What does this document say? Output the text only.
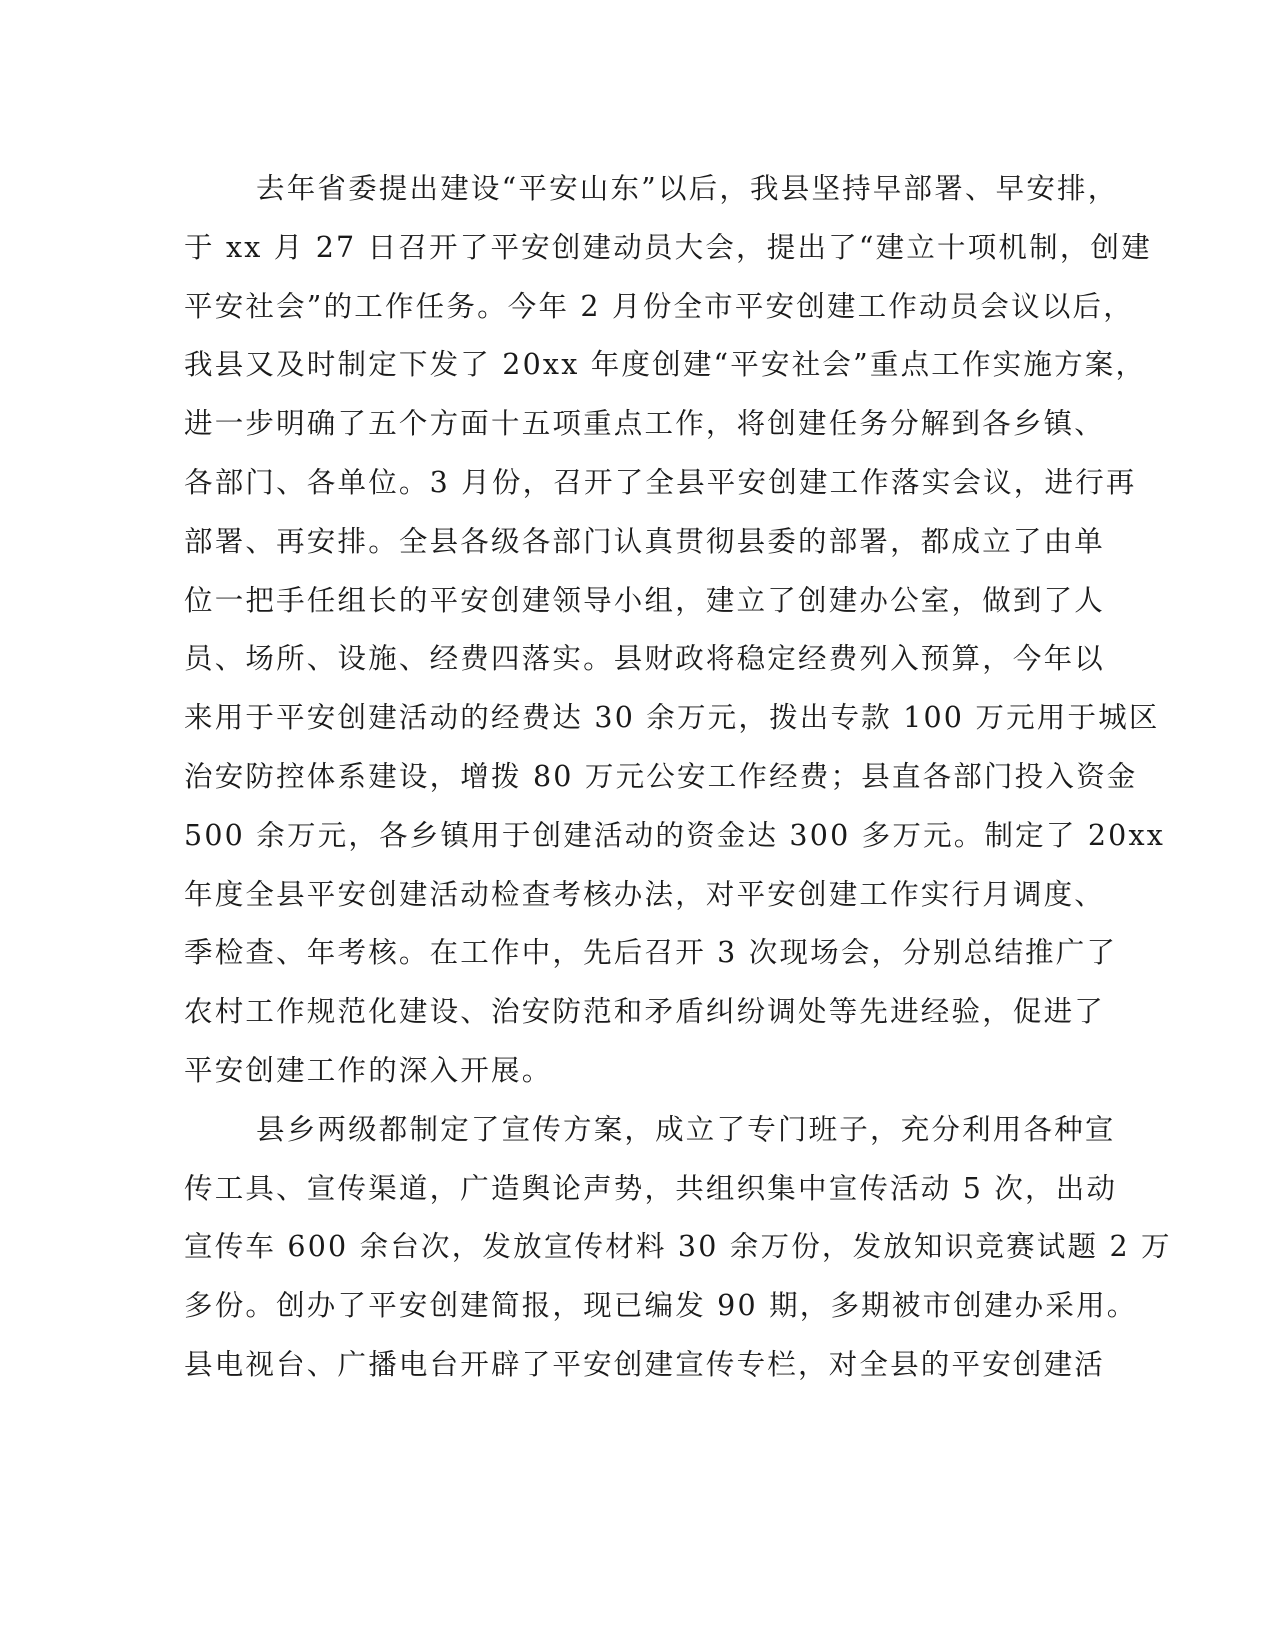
去年省委提出建设“平安山东”以后，我县坚持早部署、早安排，
于 xx 月 27 日召开了平安创建动员大会，提出了“建立十项机制，创建
平安社会”的工作任务。今年 2 月份全市平安创建工作动员会议以后，
我县又及时制定下发了 20xx 年度创建“平安社会”重点工作实施方案，
进一步明确了五个方面十五项重点工作，将创建任务分解到各乡镇、
各部门、各单位。3 月份，召开了全县平安创建工作落实会议，进行再
部署、再安排。全县各级各部门认真贯彻县委的部署，都成立了由单
位一把手任组长的平安创建领导小组，建立了创建办公室，做到了人
员、场所、设施、经费四落实。县财政将稳定经费列入预算，今年以
来用于平安创建活动的经费达 30 余万元，拨出专款 100 万元用于城区
治安防控体系建设，增拨 80 万元公安工作经费；县直各部门投入资金
500 余万元，各乡镇用于创建活动的资金达 300 多万元。制定了 20xx
年度全县平安创建活动检查考核办法，对平安创建工作实行月调度、
季检查、年考核。在工作中，先后召开 3 次现场会，分别总结推广了
农村工作规范化建设、治安防范和矛盾纠纷调处等先进经验，促进了
平安创建工作的深入开展。
县乡两级都制定了宣传方案，成立了专门班子，充分利用各种宣
传工具、宣传渠道，广造舆论声势，共组织集中宣传活动 5 次，出动
宣传车 600 余台次，发放宣传材料 30 余万份，发放知识竞赛试题 2 万
多份。创办了平安创建简报，现已编发 90 期，多期被市创建办采用。
县电视台、广播电台开辟了平安创建宣传专栏，对全县的平安创建活
